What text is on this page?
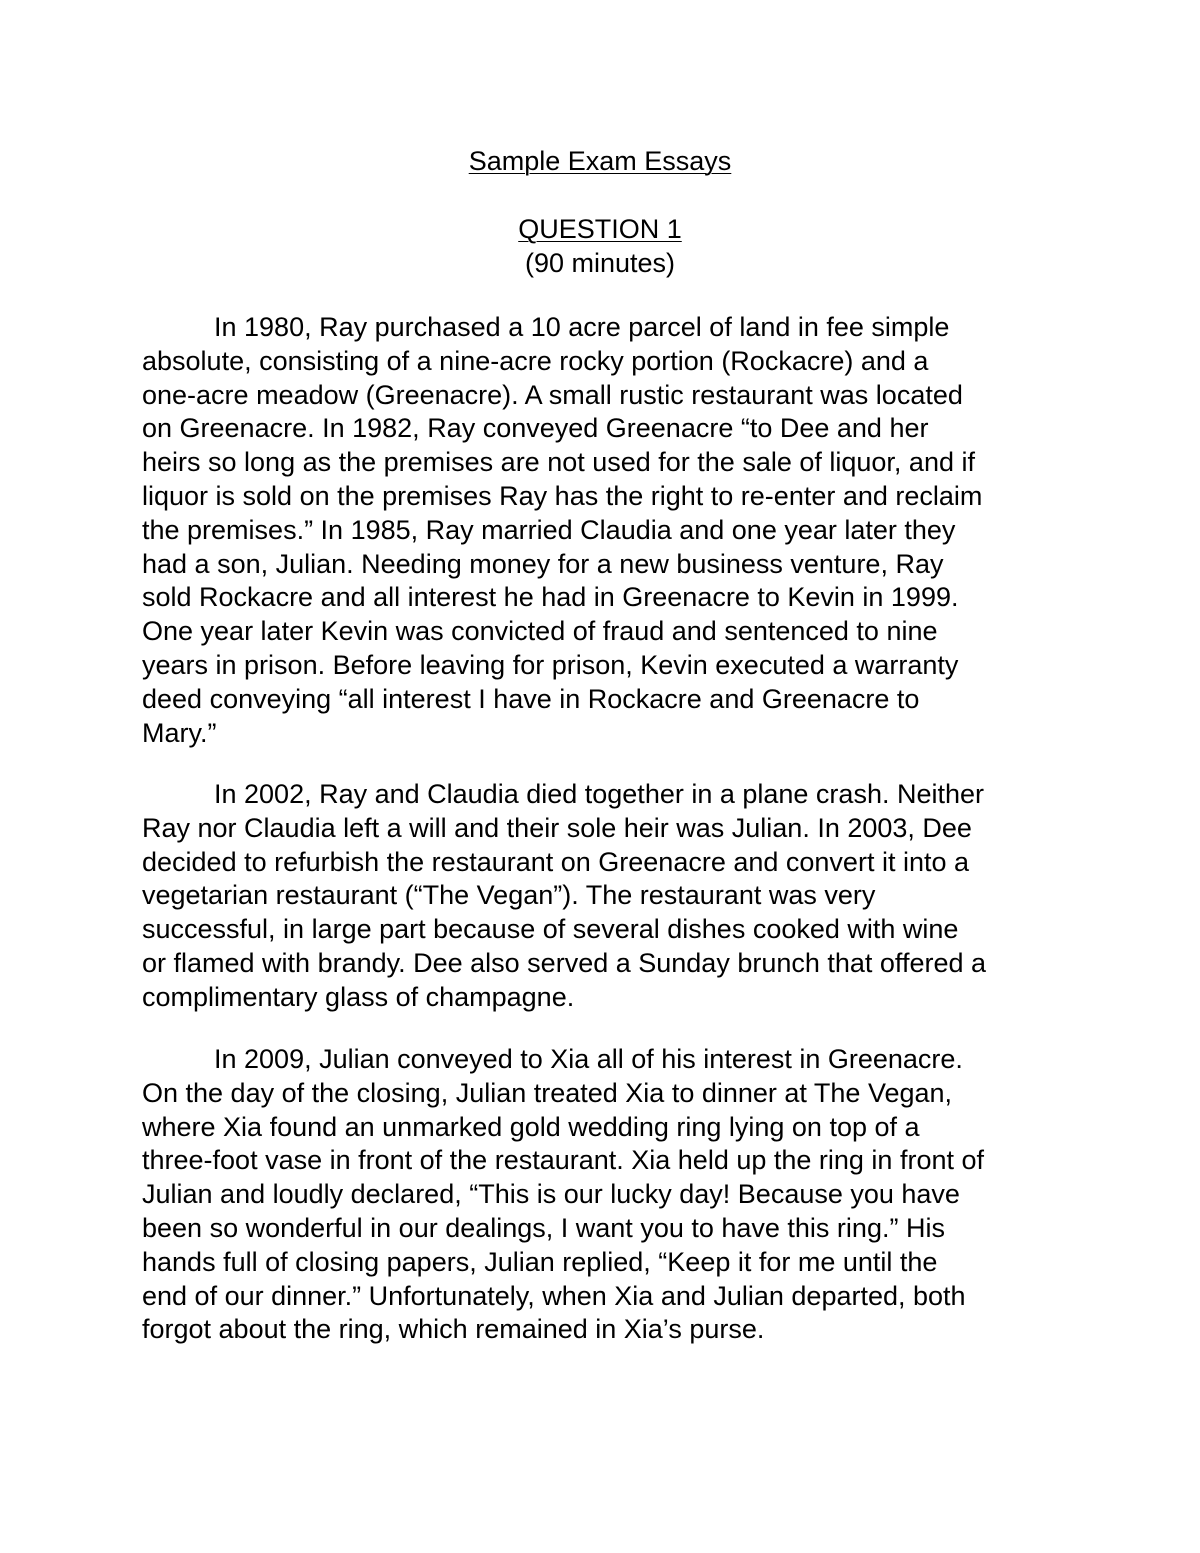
Sample Exam Essays
QUESTION 1
(90 minutes)
In 1980, Ray purchased a 10 acre parcel of land in fee simple
absolute, consisting of a nine-acre rocky portion (Rockacre) and a
one-acre meadow (Greenacre). A small rustic restaurant was located
on Greenacre. In 1982, Ray conveyed Greenacre “to Dee and her
heirs so long as the premises are not used for the sale of liquor, and if
liquor is sold on the premises Ray has the right to re-enter and reclaim
the premises.” In 1985, Ray married Claudia and one year later they
had a son, Julian. Needing money for a new business venture, Ray
sold Rockacre and all interest he had in Greenacre to Kevin in 1999.
One year later Kevin was convicted of fraud and sentenced to nine
years in prison. Before leaving for prison, Kevin executed a warranty
deed conveying “all interest I have in Rockacre and Greenacre to
Mary.”
In 2002, Ray and Claudia died together in a plane crash. Neither
Ray nor Claudia left a will and their sole heir was Julian. In 2003, Dee
decided to refurbish the restaurant on Greenacre and convert it into a
vegetarian restaurant (“The Vegan”). The restaurant was very
successful, in large part because of several dishes cooked with wine
or flamed with brandy. Dee also served a Sunday brunch that offered a
complimentary glass of champagne.
In 2009, Julian conveyed to Xia all of his interest in Greenacre.
On the day of the closing, Julian treated Xia to dinner at The Vegan,
where Xia found an unmarked gold wedding ring lying on top of a
three-foot vase in front of the restaurant. Xia held up the ring in front of
Julian and loudly declared, “This is our lucky day! Because you have
been so wonderful in our dealings, I want you to have this ring.” His
hands full of closing papers, Julian replied, “Keep it for me until the
end of our dinner.” Unfortunately, when Xia and Julian departed, both
forgot about the ring, which remained in Xia’s purse.
